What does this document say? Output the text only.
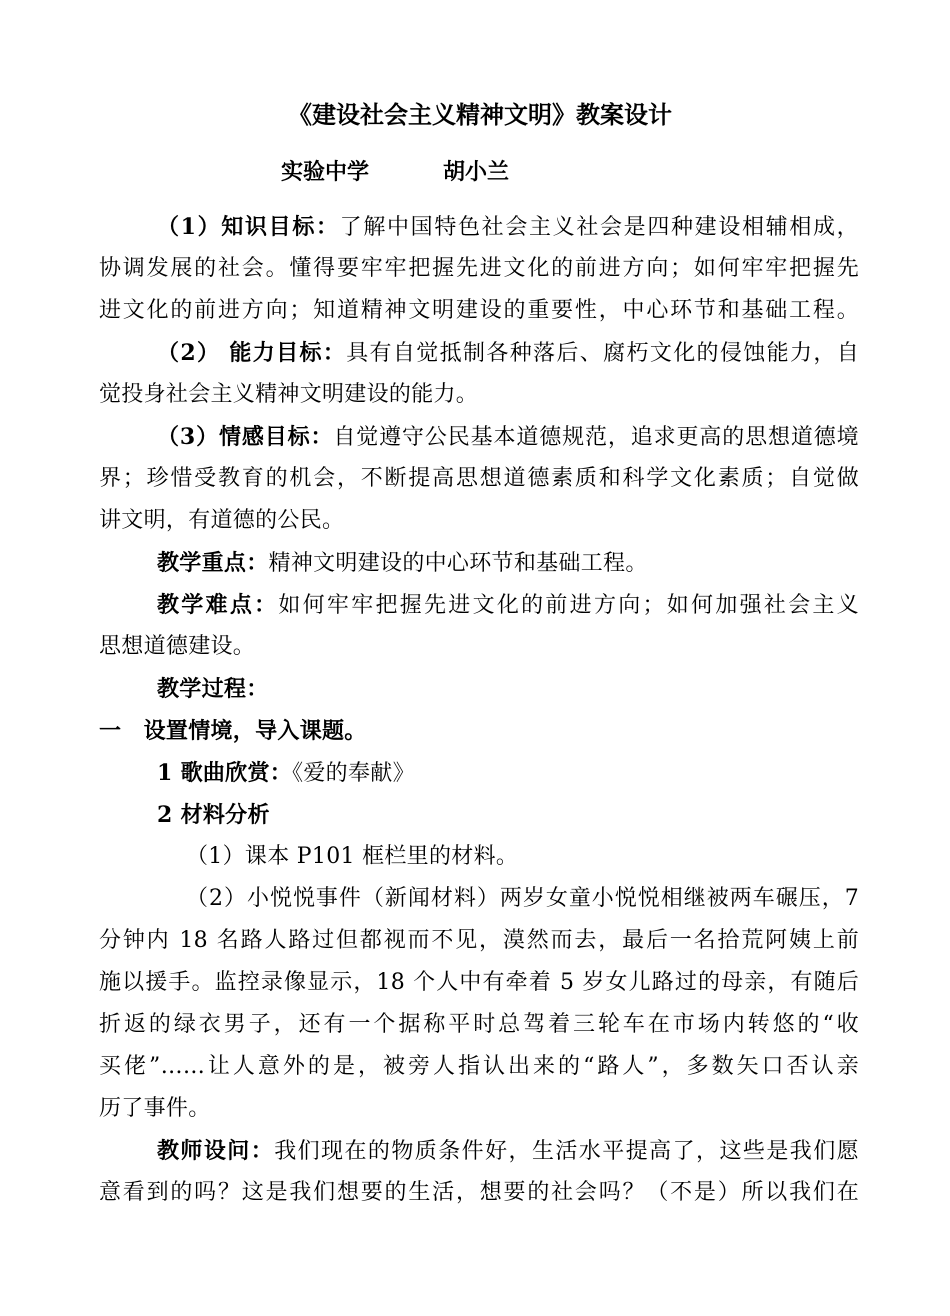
《建设社会主义精神文明》教案设计
实验中学	胡小兰
（1）知识目标：了解中国特色社会主义社会是四种建设相辅相成，
协调发展的社会。懂得要牢牢把握先进文化的前进方向；如何牢牢把握先
进文化的前进方向；知道精神文明建设的重要性，中心环节和基础工程。
（2） 能力目标：具有自觉抵制各种落后、腐朽文化的侵蚀能力，自
觉投身社会主义精神文明建设的能力。
（3）情感目标：自觉遵守公民基本道德规范，追求更高的思想道德境
界；珍惜受教育的机会，不断提高思想道德素质和科学文化素质；自觉做
讲文明，有道德的公民。
教学重点：精神文明建设的中心环节和基础工程。
教学难点：如何牢牢把握先进文化的前进方向；如何加强社会主义
思想道德建设。
教学过程：
一　设置情境，导入课题。
1 歌曲欣赏：《爱的奉献》
2 材料分析
（1）课本 P101 框栏里的材料。
（2）小悦悦事件（新闻材料）两岁女童小悦悦相继被两车碾压，7
分钟内 18 名路人路过但都视而不见，漠然而去，最后一名拾荒阿姨上前
施以援手。监控录像显示，18 个人中有牵着 5 岁女儿路过的母亲，有随后
折返的绿衣男子，还有一个据称平时总驾着三轮车在市场内转悠的“收
买佬”……让人意外的是，被旁人指认出来的“路人”，多数矢口否认亲
历了事件。
教师设问：我们现在的物质条件好，生活水平提高了，这些是我们愿
意看到的吗？这是我们想要的生活，想要的社会吗？（不是）所以我们在
